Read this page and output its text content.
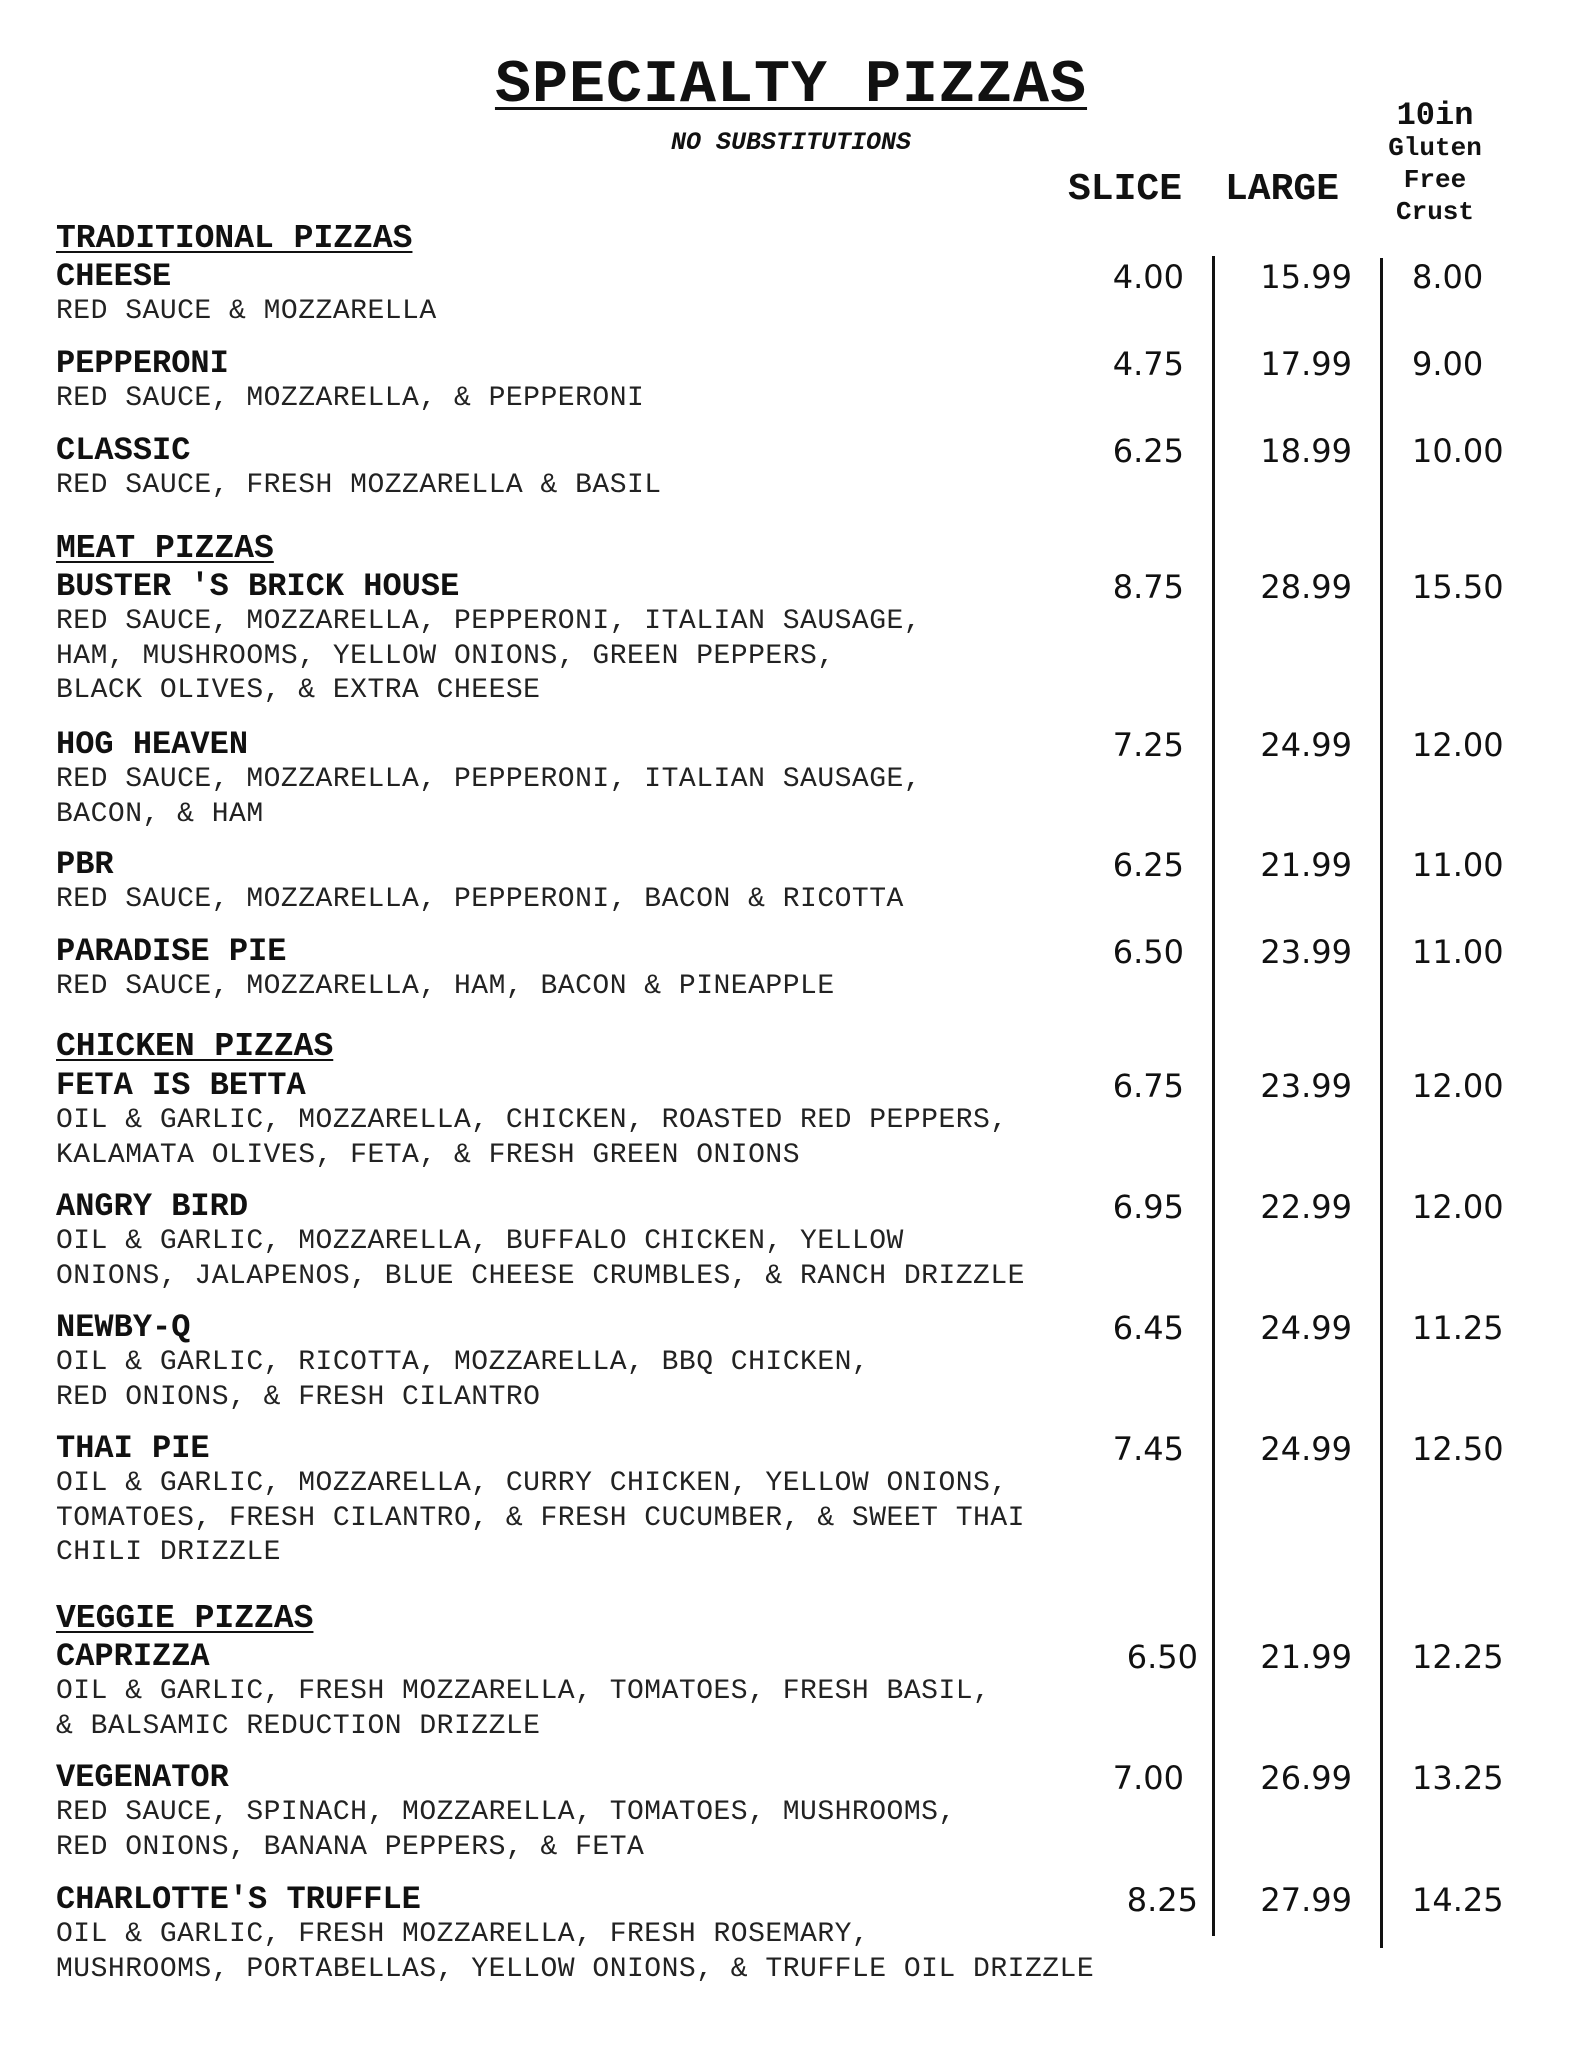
SPECIALTY PIZZAS
NO SUBSTITUTIONS
SLICE LARGE
10in
Gluten
Free
Crust
TRADITIONAL PIZZAS
CHEESE	4.00 15.99 8.00
RED SAUCE & MOZZARELLA
PEPPERONI	4.75 17.99 9.00
RED SAUCE, MOZZARELLA, & PEPPERONI
CLASSIC	6.25 18.99 10.00
RED SAUCE, FRESH MOZZARELLA & BASIL
MEAT PIZZAS
BUSTER 'S BRICK HOUSE	8.75 28.99 15.50
RED SAUCE, MOZZARELLA, PEPPERONI, ITALIAN SAUSAGE,
HAM, MUSHROOMS, YELLOW ONIONS, GREEN PEPPERS,
BLACK OLIVES, & EXTRA CHEESE
HOG HEAVEN	7.25 24.99 12.00
RED SAUCE, MOZZARELLA, PEPPERONI, ITALIAN SAUSAGE,
BACON, & HAM
PBR	6.25 21.99 11.00
RED SAUCE, MOZZARELLA, PEPPERONI, BACON & RICOTTA
PARADISE PIE	6.50 23.99 11.00
RED SAUCE, MOZZARELLA, HAM, BACON & PINEAPPLE
CHICKEN PIZZAS
FETA IS BETTA	6.75 23.99 12.00
OIL & GARLIC, MOZZARELLA, CHICKEN, ROASTED RED PEPPERS,
KALAMATA OLIVES, FETA, & FRESH GREEN ONIONS
ANGRY BIRD	6.95 22.99 12.00
OIL & GARLIC, MOZZARELLA, BUFFALO CHICKEN, YELLOW
ONIONS, JALAPENOS, BLUE CHEESE CRUMBLES, & RANCH DRIZZLE
NEWBY-Q	6.45 24.99 11.25
OIL & GARLIC, RICOTTA, MOZZARELLA, BBQ CHICKEN,
RED ONIONS, & FRESH CILANTRO
THAI PIE	7.45 24.99 12.50
OIL & GARLIC, MOZZARELLA, CURRY CHICKEN, YELLOW ONIONS,
TOMATOES, FRESH CILANTRO, & FRESH CUCUMBER, & SWEET THAI
CHILI DRIZZLE
VEGGIE PIZZAS
CAPRIZZA	6.50 21.99 12.25
OIL & GARLIC, FRESH MOZZARELLA, TOMATOES, FRESH BASIL,
& BALSAMIC REDUCTION DRIZZLE
VEGENATOR	7.00 26.99 13.25
RED SAUCE, SPINACH, MOZZARELLA, TOMATOES, MUSHROOMS,
RED ONIONS, BANANA PEPPERS, & FETA
CHARLOTTE'S TRUFFLE	8.25 27.99 14.25
OIL & GARLIC, FRESH MOZZARELLA, FRESH ROSEMARY,
MUSHROOMS, PORTABELLAS, YELLOW ONIONS, & TRUFFLE OIL DRIZZLE
